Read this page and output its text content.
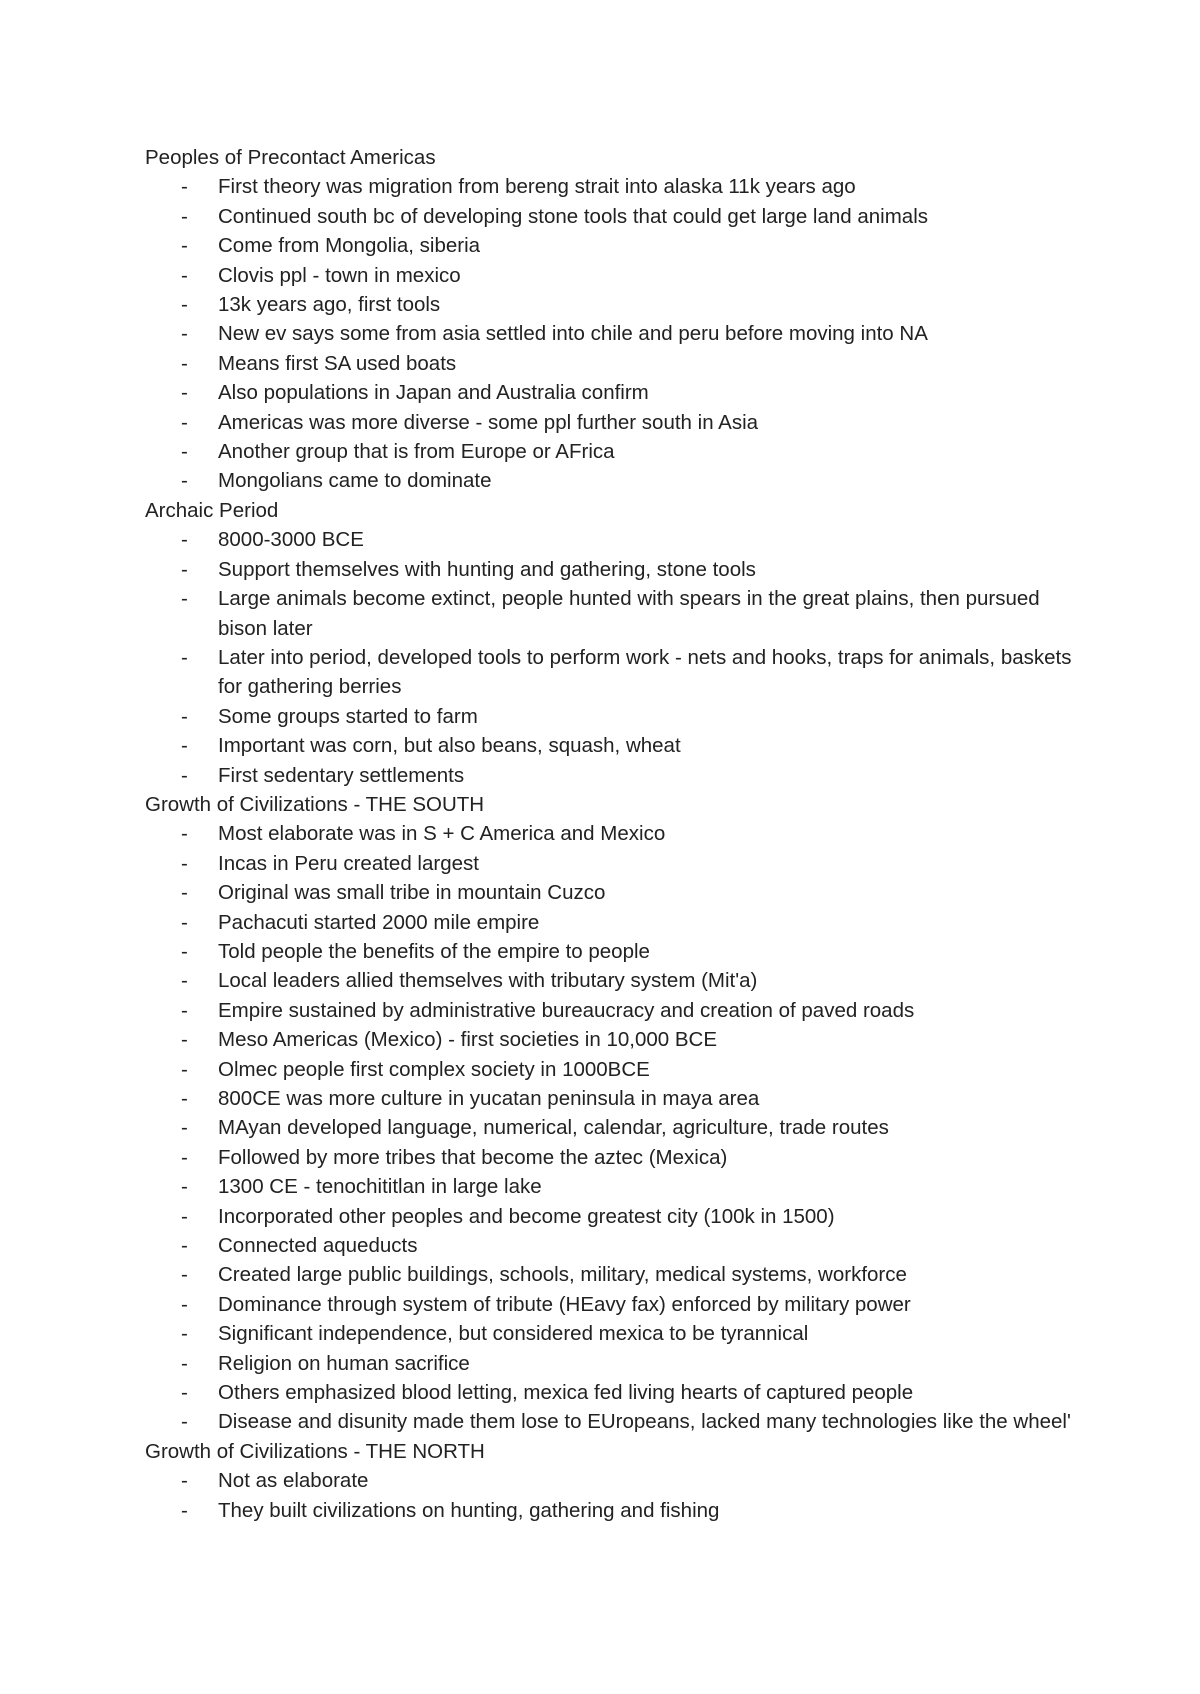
Peoples of Precontact Americas
- First theory was migration from bereng strait into alaska 11k years ago
- Continued south bc of developing stone tools that could get large land animals
- Come from Mongolia, siberia
- Clovis ppl - town in mexico
- 13k years ago, first tools
- New ev says some from asia settled into chile and peru before moving into NA
- Means first SA used boats
- Also populations in Japan and Australia confirm
- Americas was more diverse - some ppl further south in Asia
- Another group that is from Europe or AFrica
- Mongolians came to dominate
Archaic Period
- 8000-3000 BCE
- Support themselves with hunting and gathering, stone tools
- Large animals become extinct, people hunted with spears in the great plains, then pursued bison later
- Later into period, developed tools to perform work - nets and hooks, traps for animals, baskets for gathering berries
- Some groups started to farm
- Important was corn, but also beans, squash, wheat
- First sedentary settlements
Growth of Civilizations - THE SOUTH
- Most elaborate was in S + C America and Mexico
- Incas in Peru created largest
- Original was small tribe in mountain Cuzco
- Pachacuti started 2000 mile empire
- Told people the benefits of the empire to people
- Local leaders allied themselves with tributary system (Mit'a)
- Empire sustained by administrative bureaucracy and creation of paved roads
- Meso Americas (Mexico) - first societies in 10,000 BCE
- Olmec people first complex society in 1000BCE
- 800CE was more culture in yucatan peninsula in maya area
- MAyan developed language, numerical, calendar, agriculture, trade routes
- Followed by more tribes that become the aztec (Mexica)
- 1300 CE - tenochititlan in large lake
- Incorporated other peoples and become greatest city (100k in 1500)
- Connected aqueducts
- Created large public buildings, schools, military, medical systems, workforce
- Dominance through system of tribute (HEavy fax) enforced by military power
- Significant independence, but considered mexica to be tyrannical
- Religion on human sacrifice
- Others emphasized blood letting, mexica fed living hearts of captured people
- Disease and disunity made them lose to EUropeans, lacked many technologies like the wheel'
Growth of Civilizations - THE NORTH
- Not as elaborate
- They built civilizations on hunting, gathering and fishing
